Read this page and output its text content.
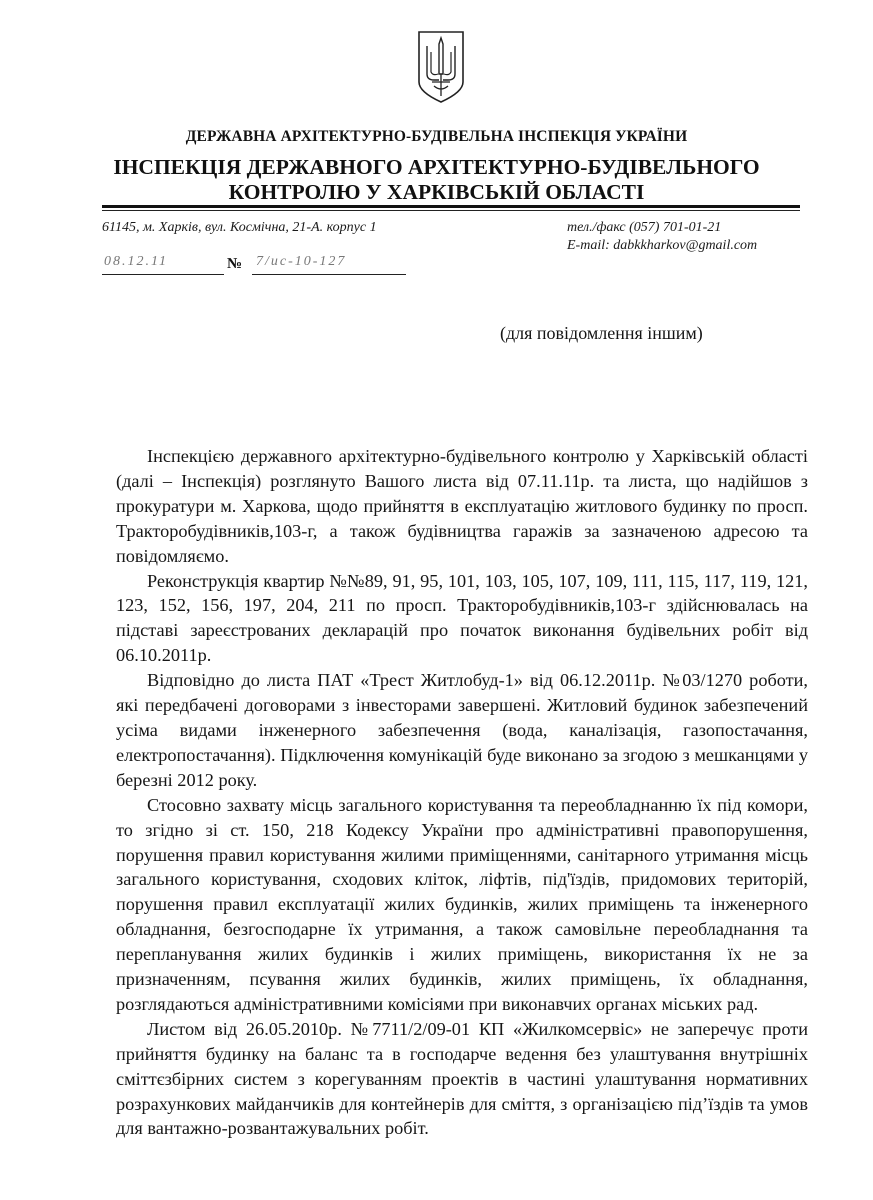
ДЕРЖАВНА АРХІТЕКТУРНО-БУДІВЕЛЬНА ІНСПЕКЦІЯ УКРАЇНИ
ІНСПЕКЦІЯ ДЕРЖАВНОГО АРХІТЕКТУРНО-БУДІВЕЛЬНОГО
КОНТРОЛЮ У ХАРКІВСЬКІЙ ОБЛАСТІ
61145, м. Харків, вул. Космічна, 21-А. корпус 1	тел./факс (057) 701-01-21
E-mail: dabkkharkov@gmail.com
08.12.11	№ 7/ис-10-127
(для повідомлення іншим)

Інспекцією державного архітектурно-будівельного контролю у Харківській області (далі – Інспекція) розглянуто Вашого листа від 07.11.11р. та листа, що надійшов з прокуратури м. Харкова, щодо прийняття в експлуатацію житлового будинку по просп. Тракторобудівників,103-г, а також будівництва гаражів за зазначеною адресою та повідомляємо.

Реконструкція квартир №№89, 91, 95, 101, 103, 105, 107, 109, 111, 115, 117, 119, 121, 123, 152, 156, 197, 204, 211 по просп. Тракторобудівників,103-г здійснювалась на підставі зареєстрованих декларацій про початок виконання будівельних робіт від 06.10.2011р.

Відповідно до листа ПАТ «Трест Житлобуд-1» від 06.12.2011р. №03/1270 роботи, які передбачені договорами з інвесторами завершені. Житловий будинок забезпечений усіма видами інженерного забезпечення (вода, каналізація, газопостачання, електропостачання). Підключення комунікацій буде виконано за згодою з мешканцями у березні 2012 року.

Стосовно захвату місць загального користування та переобладнанню їх під комори, то згідно зі ст. 150, 218 Кодексу України про адміністративні правопорушення, порушення правил користування жилими приміщеннями, санітарного утримання місць загального користування, сходових кліток, ліфтів, під'їздів, придомових територій, порушення правил експлуатації жилих будинків, жилих приміщень та інженерного обладнання, безгосподарне їх утримання, а також самовільне переобладнання та перепланування жилих будинків і жилих приміщень, використання їх не за призначенням, псування жилих будинків, жилих приміщень, їх обладнання, розглядаються адміністративними комісіями при виконавчих органах міських рад.

Листом від 26.05.2010р. №7711/2/09-01 КП «Жилкомсервіс» не заперечує проти прийняття будинку на баланс та в господарче ведення без улаштування внутрішніх сміттєзбірних систем з корегуванням проектів в частині улаштування нормативних розрахункових майданчиків для контейнерів для сміття, з організацією під’їздів та умов для вантажно-розвантажувальних робіт.
